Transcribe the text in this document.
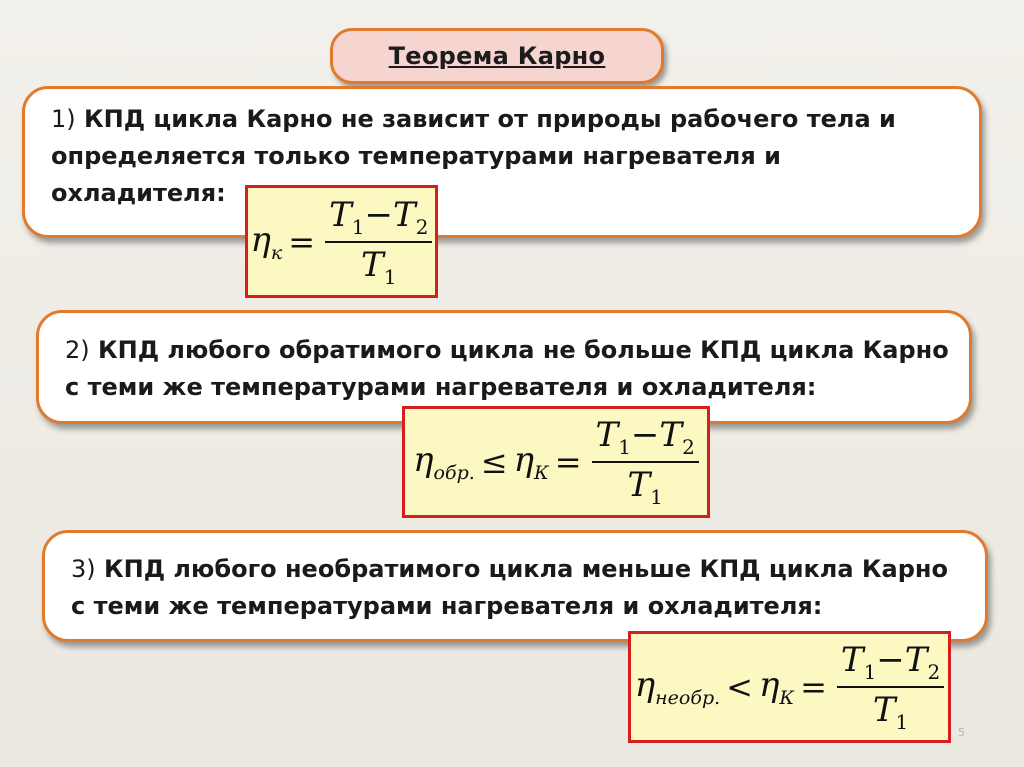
Теорема Карно
1) КПД цикла Карно не зависит от природы рабочего тела и определяется только температурами нагревателя и охладителя:
2) КПД любого обратимого цикла не больше КПД цикла Карно с теми же температурами нагревателя и охладителя:
3) КПД любого необратимого цикла меньше КПД цикла Карно с теми же температурами нагревателя и охладителя:
$\eta_к = \frac{T_1-T_2}{T_1}$
$\eta_{обр.} \le \eta_К = \frac{T_1-T_2}{T_1}$
$\eta_{необр.} < \eta_К = \frac{T_1-T_2}{T_1} 5$
